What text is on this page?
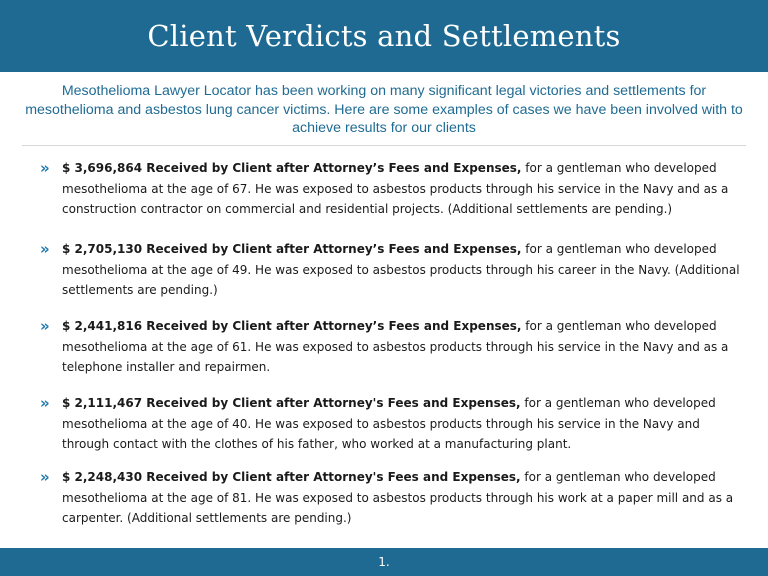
Client Verdicts and Settlements

Mesothelioma Lawyer Locator has been working on many significant legal victories and settlements for mesothelioma and asbestos lung cancer victims. Here are some examples of cases we have been involved with to achieve results for our clients

»	$ 3,696,864 Received by Client after Attorney’s Fees and Expenses, for a gentleman who developed mesothelioma at the age of 67. He was exposed to asbestos products through his service in the Navy and as a construction contractor on commercial and residential projects. (Additional settlements are pending.)
»	$ 2,705,130 Received by Client after Attorney’s Fees and Expenses, for a gentleman who developed mesothelioma at the age of 49. He was exposed to asbestos products through his career in the Navy. (Additional settlements are pending.)
»	$ 2,441,816 Received by Client after Attorney’s Fees and Expenses, for a gentleman who developed mesothelioma at the age of 61. He was exposed to asbestos products through his service in the Navy and as a telephone installer and repairmen.
»	$ 2,111,467 Received by Client after Attorney's Fees and Expenses, for a gentleman who developed mesothelioma at the age of 40. He was exposed to asbestos products through his service in the Navy and through contact with the clothes of his father, who worked at a manufacturing plant.
»	$ 2,248,430 Received by Client after Attorney's Fees and Expenses, for a gentleman who developed mesothelioma at the age of 81. He was exposed to asbestos products through his work at a paper mill and as a carpenter. (Additional settlements are pending.)
1.
